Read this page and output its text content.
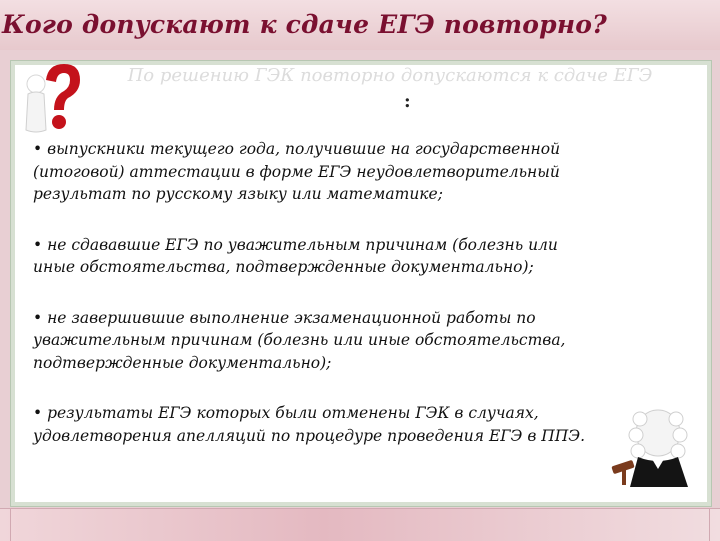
Кого допускают к сдаче ЕГЭ повторно?
По решению ГЭК повторно допускаются к сдаче ЕГЭ
:

• выпускники текущего года, получившие на государственной (итоговой) аттестации в форме ЕГЭ неудовлетворительный результат по русскому языку или математике;

• не сдававшие ЕГЭ по уважительным причинам (болезнь или иные обстоятельства, подтвержденные документально);

• не завершившие выполнение экзаменационной работы по уважительным причинам (болезнь или иные обстоятельства, подтвержденные документально);

• результаты ЕГЭ которых были отменены ГЭК в случаях, удовлетворения апелляций по процедуре проведения ЕГЭ в ППЭ.
